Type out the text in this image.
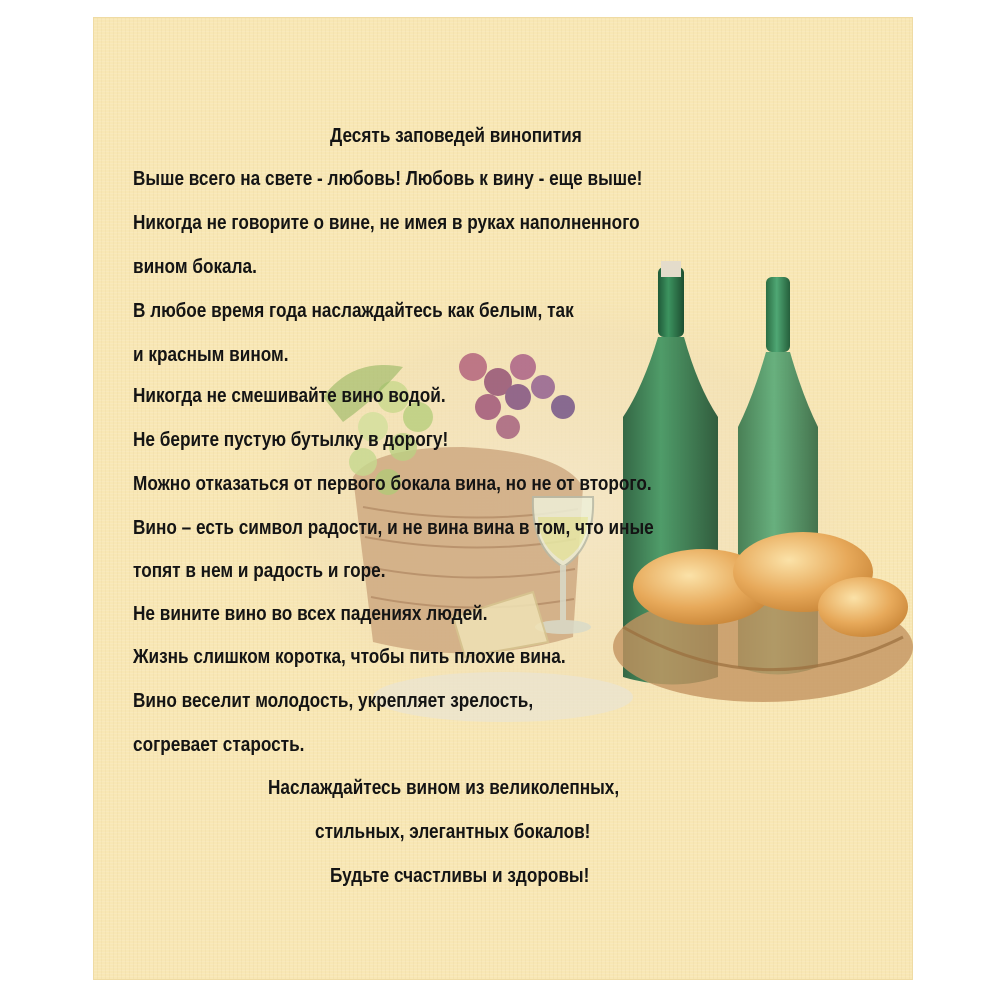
Десять заповедей винопития

Выше всего на свете - любовь! Любовь к вину - еще выше!

Никогда не говорите о вине, не имея в руках наполненного

вином бокала.

В любое время года наслаждайтесь как белым, так

и красным вином.

Никогда не смешивайте вино водой.

Не берите пустую бутылку в дорогу!

Можно отказаться от первого бокала вина, но не от второго.

Вино – есть символ радости, и не вина вина в том, что иные

топят в нем и радость и горе.

Не вините вино во всех падениях людей.

Жизнь слишком коротка, чтобы пить плохие вина.

Вино веселит молодость, укрепляет зрелость,

согревает старость.

Наслаждайтесь вином из великолепных,

стильных, элегантных бокалов!

Будьте счастливы и здоровы!
